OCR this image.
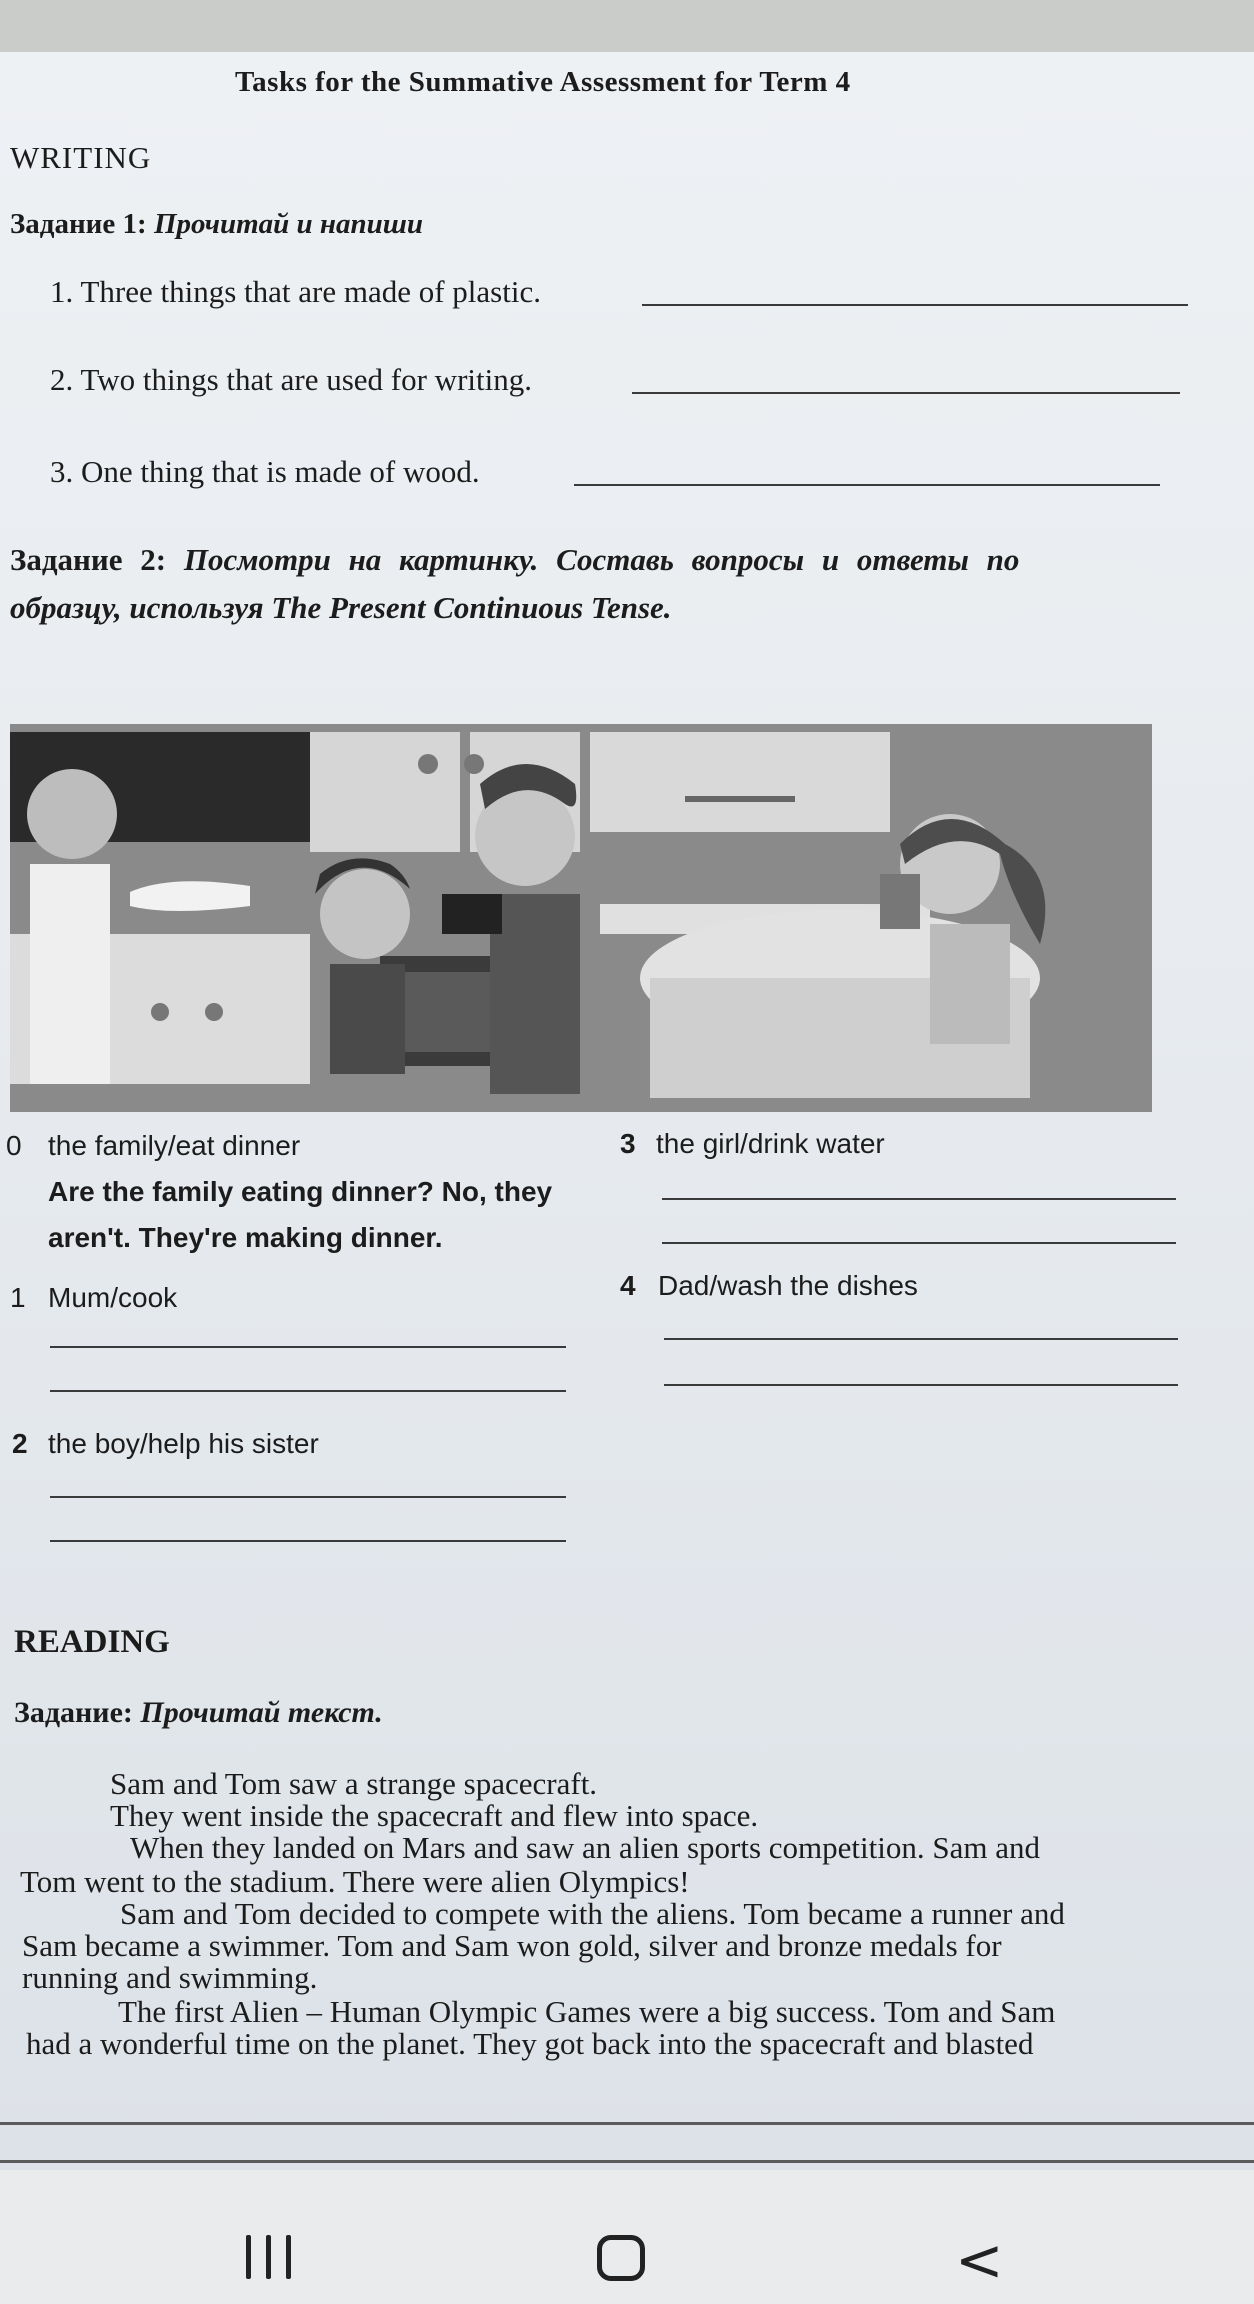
Tasks for the Summative Assessment for Term 4
WRITING
Задание 1: Прочитай и напиши
1. Three things that are made of plastic.
2. Two things that are used for writing.
3. One thing that is made of wood.
Задание 2: Посмотри на картинку. Составь вопросы и ответы по
образцу, используя The Present Continuous Tense.
0 the family/eat dinner
Are the family eating dinner? No, they
aren't. They're making dinner.
3 the girl/drink water
1 Mum/cook	4 Dad/wash the dishes
2 the boy/help his sister
READING
Задание: Прочитай текст.
Sam and Tom saw a strange spacecraft.
They went inside the spacecraft and flew into space.
When they landed on Mars and saw an alien sports competition. Sam and
Tom went to the stadium. There were alien Olympics!
Sam and Tom decided to compete with the aliens. Tom became a runner and
Sam became a swimmer. Tom and Sam won gold, silver and bronze medals for
running and swimming.
The first Alien – Human Olympic Games were a big success. Tom and Sam
had a wonderful time on the planet. They got back into the spacecraft and blasted
<
